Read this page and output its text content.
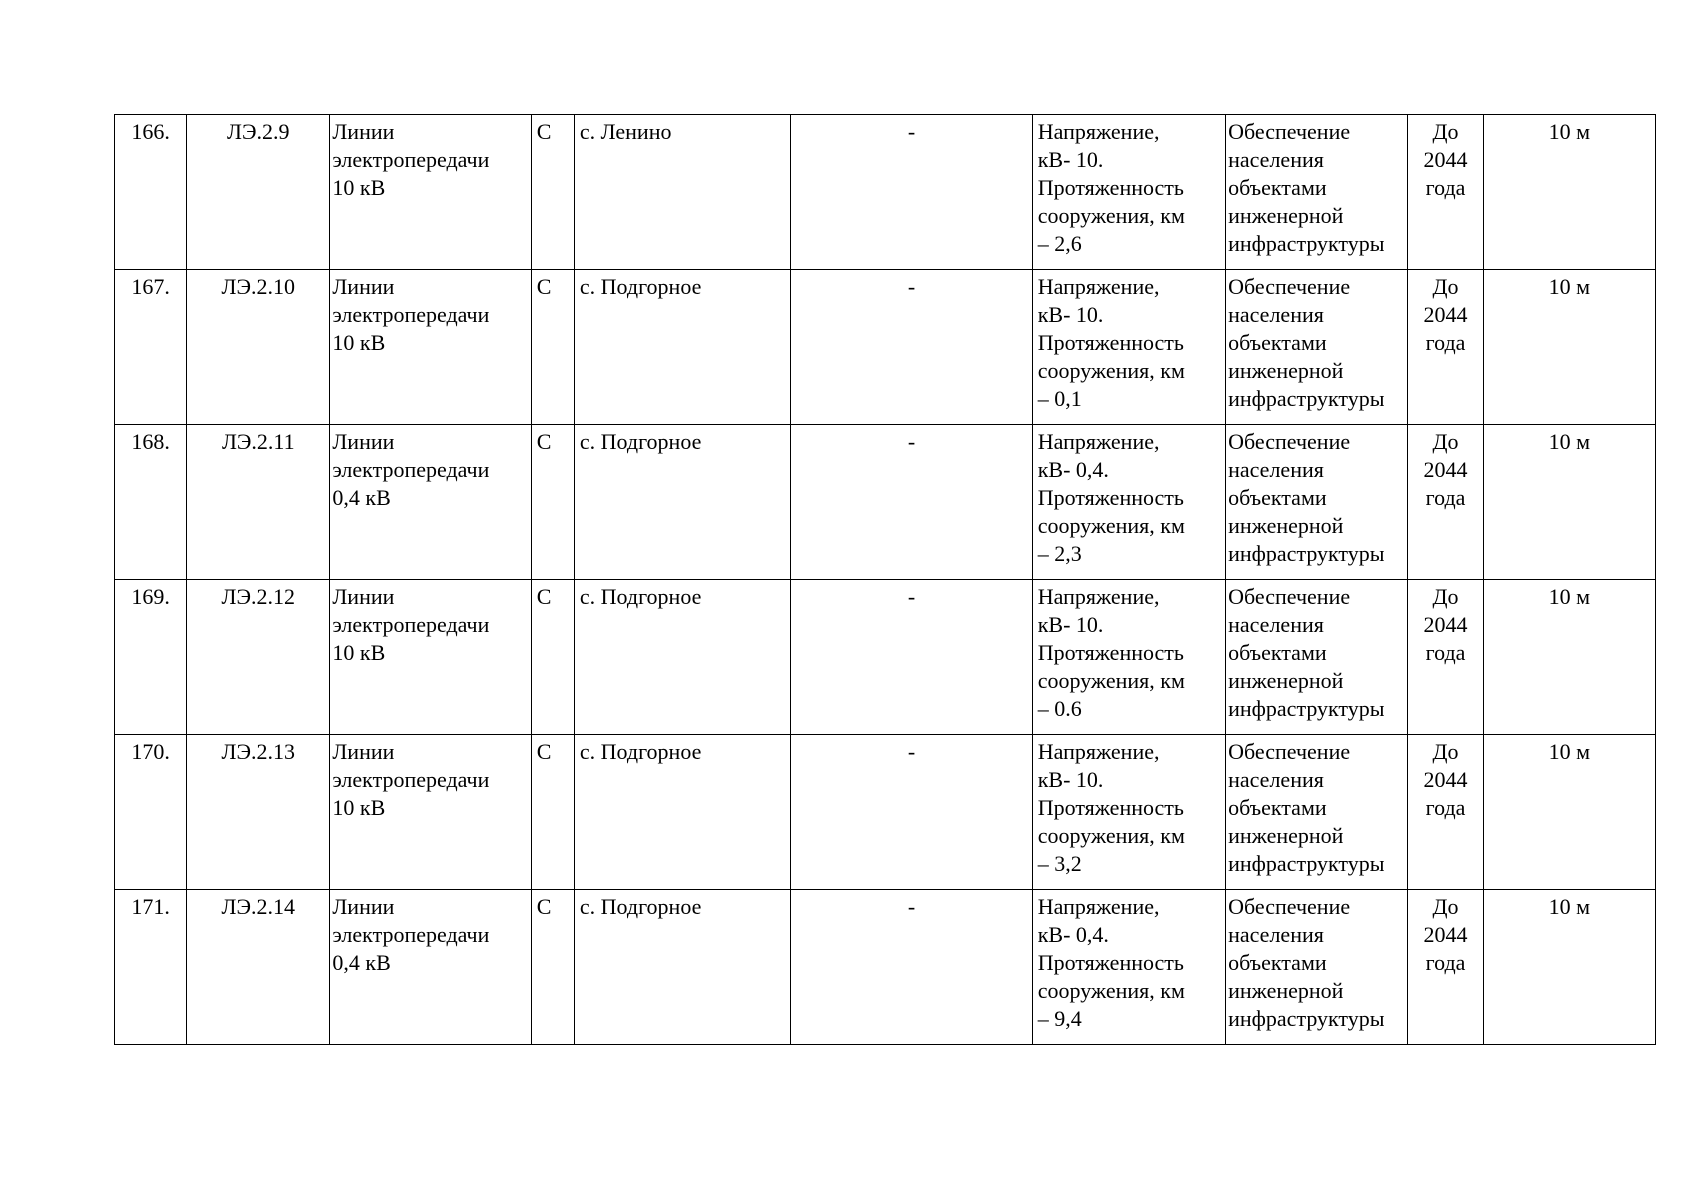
166.	ЛЭ.2.9	Линии
электропередачи
10 кВ	С	с. Ленино	-	Напряжение,
кВ- 10.
Протяженность
сооружения, км
– 2,6	Обеспечение
населения
объектами
инженерной
инфраструктуры	До
2044
года	10 м
167.	ЛЭ.2.10	Линии
электропередачи
10 кВ	С	с. Подгорное	-	Напряжение,
кВ- 10.
Протяженность
сооружения, км
– 0,1	Обеспечение
населения
объектами
инженерной
инфраструктуры	До
2044
года	10 м
168.	ЛЭ.2.11	Линии
электропередачи
0,4 кВ	С	с. Подгорное	-	Напряжение,
кВ- 0,4.
Протяженность
сооружения, км
– 2,3	Обеспечение
населения
объектами
инженерной
инфраструктуры	До
2044
года	10 м
169.	ЛЭ.2.12	Линии
электропередачи
10 кВ	С	с. Подгорное	-	Напряжение,
кВ- 10.
Протяженность
сооружения, км
– 0.6	Обеспечение
населения
объектами
инженерной
инфраструктуры	До
2044
года	10 м
170.	ЛЭ.2.13	Линии
электропередачи
10 кВ	С	с. Подгорное	-	Напряжение,
кВ- 10.
Протяженность
сооружения, км
– 3,2	Обеспечение
населения
объектами
инженерной
инфраструктуры	До
2044
года	10 м
171.	ЛЭ.2.14	Линии
электропередачи
0,4 кВ	С	с. Подгорное	-	Напряжение,
кВ- 0,4.
Протяженность
сооружения, км
– 9,4	Обеспечение
населения
объектами
инженерной
инфраструктуры	До
2044
года	10 м
